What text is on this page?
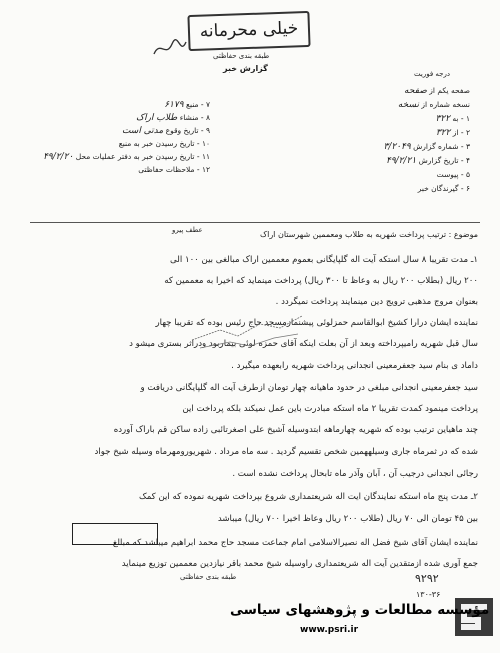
خیلی محرمانه
طبقه بندی حفاظتی
گزارش خبر
درجه فوریت
صفحه یکم از صفحه
نسخه شماره از نسخه
۱ - به ۳۲۲
۲ - از ۳۲۲
۳ - شماره گزارش ۳/۲۰۴۹
۴ - تاریخ گزارش ۴۹/۲/۲۱
۵ - پیوست
۶ - گیرندگان خبر
۷ - منبع ۶۱۷۹
۸ - منشاء طلاب اراک
۹ - تاریخ وقوع مدتی است
۱۰ - تاریخ رسیدن خبر به منبع
۱۱ - تاریخ رسیدن خبر به دفتر عملیات محل ۴۹/۲/۲۰
۱۲ - ملاحظات حفاظتی
موضوع : ترتیب پرداخت شهریه به طلاب ومعممین شهرستان اراک
عطف پیرو
۱ـ مدت تقریبا ۸ سال استکه آیت اله گلپایگانی بعموم معممین اراک مبالغی بین ۱۰۰ الی
۲۰۰ ریال (بطلاب ۲۰۰ ریال به وعاظ تا ۳۰۰ ریال) پرداخت مینماید که اخیرا به معممین که
بعنوان مروج مذهبی ترویج دین مینمایند پرداخت نمیگردد .
نماینده ایشان درارا کشیخ ابوالقاسم حمزلوئی پیشنمازمسجد حاج رئیس بوده که تقریبا چهار
سال قبل شهریه رامیپرداخته وبعد از آن بعلت اینکه آقای حمزه لوئی بیماربود ودراثر بستری میشو د
داماد ی بنام سید جعفرمعینی انجدانی پرداخت شهریه رابعهده میگیرد .
سید جعفرمعینی انجدانی مبلغی در حدود ماهیانه چهار تومان ازطرف آیت اله گلپایگانی دریافت و
پرداخت مینمود کمدت تقریبا ۲ ماه استکه مبادرت باین عمل نمیکند بلکه پرداخت این
چند ماهیاین ترتیب بوده که شهریه چهارماهه ابتدوسیله آشیخ علی اصغرتائبی زاده ساکن قم باراک آورده
شده که در ثمرماه جاری وسیلههمین شخص تقسیم گردید . سه ماه مرداد . شهریورومهرماه وسیله شیخ جواد
رجائی انجدانی درجیب آن ، آبان وآذر ماه تابحال پرداخت نشده است .
۲ـ مدت پنج ماه استکه نمایندگان ایت اله شریعتمداری شروع بپرداخت شهریه نموده که این کمک
بین ۴۵ تومان الی ۷۰ ریال (طلاب ۲۰۰ ریال وعاظ اخیرا ۷۰۰ ریال) میباشد
نماینده ایشان آقای شیخ فضل اله نصیرالاسلامی امام جماعت مسجد حاج محمد ابراهیم میباشد که مبالغ
جمع آوری شده ازمتقدین آیت اله شریعتمداری راوسیله شیخ محمد باقر نیازدین معممین توزیع مینماید
۹۲۹۲
۱۳۰-۳۶
طبقه بندی حفاظتی
مؤسسه مطالعات و پژوهشهای سیاسی
www.psri.ir
